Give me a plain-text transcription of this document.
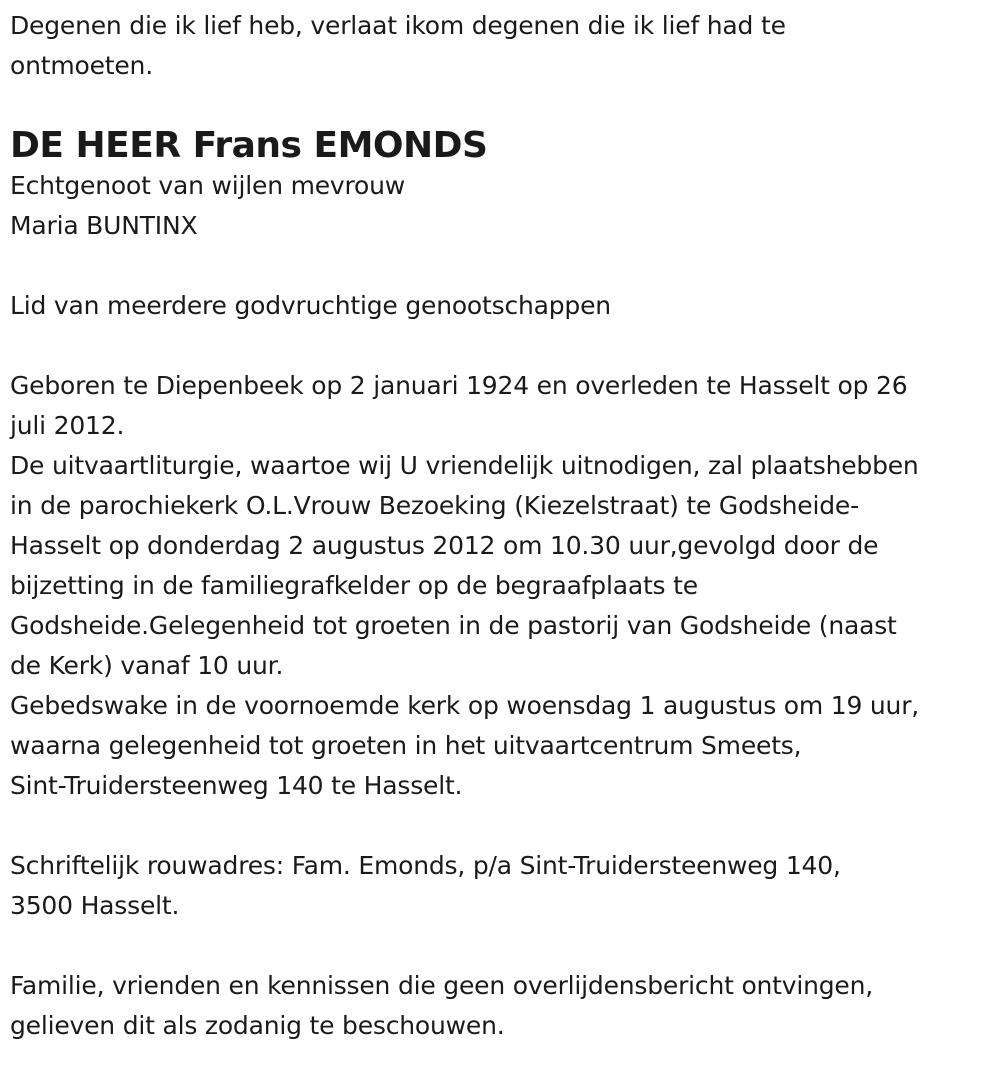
Degenen die ik lief heb, verlaat ikom degenen die ik lief had te
ontmoeten.
DE HEER Frans EMONDS
Echtgenoot van wijlen mevrouw
Maria BUNTINX
Lid van meerdere godvruchtige genootschappen
Geboren te Diepenbeek op 2 januari 1924 en overleden te Hasselt op 26
juli 2012.
De uitvaartliturgie, waartoe wij U vriendelijk uitnodigen, zal plaatshebben
in de parochiekerk O.L.Vrouw Bezoeking (Kiezelstraat) te Godsheide-
Hasselt op donderdag 2 augustus 2012 om 10.30 uur,gevolgd door de
bijzetting in de familiegrafkelder op de begraafplaats te
Godsheide.Gelegenheid tot groeten in de pastorij van Godsheide (naast
de Kerk) vanaf 10 uur.
Gebedswake in de voornoemde kerk op woensdag 1 augustus om 19 uur,
waarna gelegenheid tot groeten in het uitvaartcentrum Smeets,
Sint-Truidersteenweg 140 te Hasselt.
Schriftelijk rouwadres: Fam. Emonds, p/a Sint-Truidersteenweg 140,
3500 Hasselt.
Familie, vrienden en kennissen die geen overlijdensbericht ontvingen,
gelieven dit als zodanig te beschouwen.
